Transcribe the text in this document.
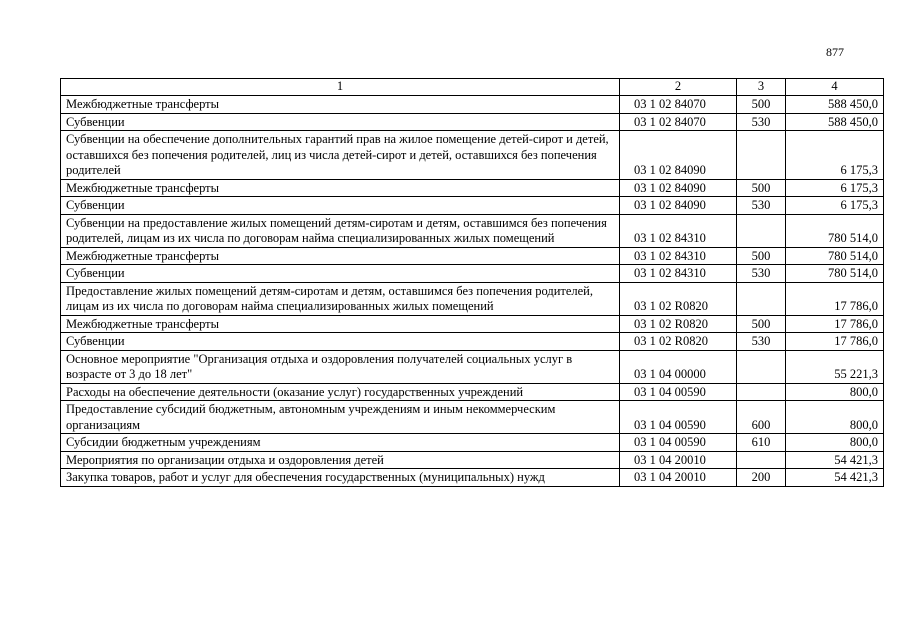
877
1	2	3	4
Межбюджетные трансферты	03 1 02 84070	500	588 450,0
Субвенции	03 1 02 84070	530	588 450,0
Субвенции на обеспечение дополнительных гарантий прав на жилое помещение детей-сирот и детей, оставшихся без попечения родителей, лиц из числа детей-сирот и детей, оставшихся без попечения родителей	03 1 02 84090		6 175,3
Межбюджетные трансферты	03 1 02 84090	500	6 175,3
Субвенции	03 1 02 84090	530	6 175,3
Субвенции на предоставление жилых помещений детям-сиротам и детям, оставшимся без попечения родителей, лицам из их числа по договорам найма специализированных жилых помещений	03 1 02 84310		780 514,0
Межбюджетные трансферты	03 1 02 84310	500	780 514,0
Субвенции	03 1 02 84310	530	780 514,0
Предоставление жилых помещений детям-сиротам и детям, оставшимся без попечения родителей, лицам из их числа по договорам найма специализированных жилых помещений	03 1 02 R0820		17 786,0
Межбюджетные трансферты	03 1 02 R0820	500	17 786,0
Субвенции	03 1 02 R0820	530	17 786,0
Основное мероприятие "Организация отдыха и оздоровления получателей социальных услуг в возрасте от 3 до 18 лет"	03 1 04 00000		55 221,3
Расходы на обеспечение деятельности (оказание услуг) государственных учреждений	03 1 04 00590		800,0
Предоставление субсидий бюджетным, автономным учреждениям и иным некоммерческим организациям	03 1 04 00590	600	800,0
Субсидии бюджетным учреждениям	03 1 04 00590	610	800,0
Мероприятия по организации отдыха и оздоровления детей	03 1 04 20010		54 421,3
Закупка товаров, работ и услуг для обеспечения государственных (муниципальных) нужд	03 1 04 20010	200	54 421,3
